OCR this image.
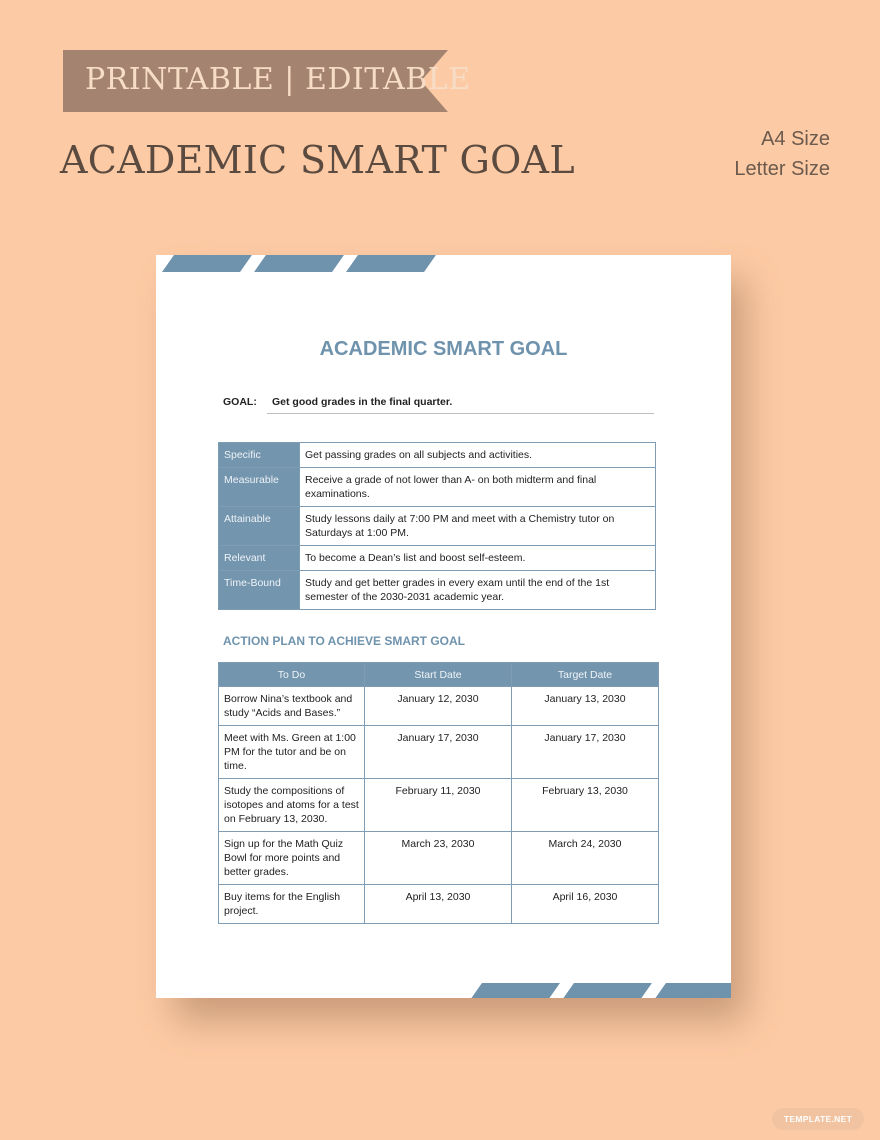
PRINTABLE | EDITABLE
ACADEMIC SMART GOAL	A4 Size
Letter Size
ACADEMIC SMART GOAL
GOAL: Get good grades in the final quarter.
Specific	Get passing grades on all subjects and activities.
Measurable	Receive a grade of not lower than A- on both midterm and final examinations.
Attainable	Study lessons daily at 7:00 PM and meet with a Chemistry tutor on Saturdays at 1:00 PM.
Relevant	To become a Dean’s list and boost self-esteem.
Time-Bound	Study and get better grades in every exam until the end of the 1st semester of the 2030-2031 academic year.
ACTION PLAN TO ACHIEVE SMART GOAL
To Do	Start Date	Target Date
Borrow Nina’s textbook and study “Acids and Bases.”	January 12, 2030	January 13, 2030
Meet with Ms. Green at 1:00 PM for the tutor and be on time.	January 17, 2030	January 17, 2030
Study the compositions of isotopes and atoms for a test on February 13, 2030.	February 11, 2030	February 13, 2030
Sign up for the Math Quiz Bowl for more points and better grades.	March 23, 2030	March 24, 2030
Buy items for the English project.	April 13, 2030	April 16, 2030
TEMPLATE.NET
